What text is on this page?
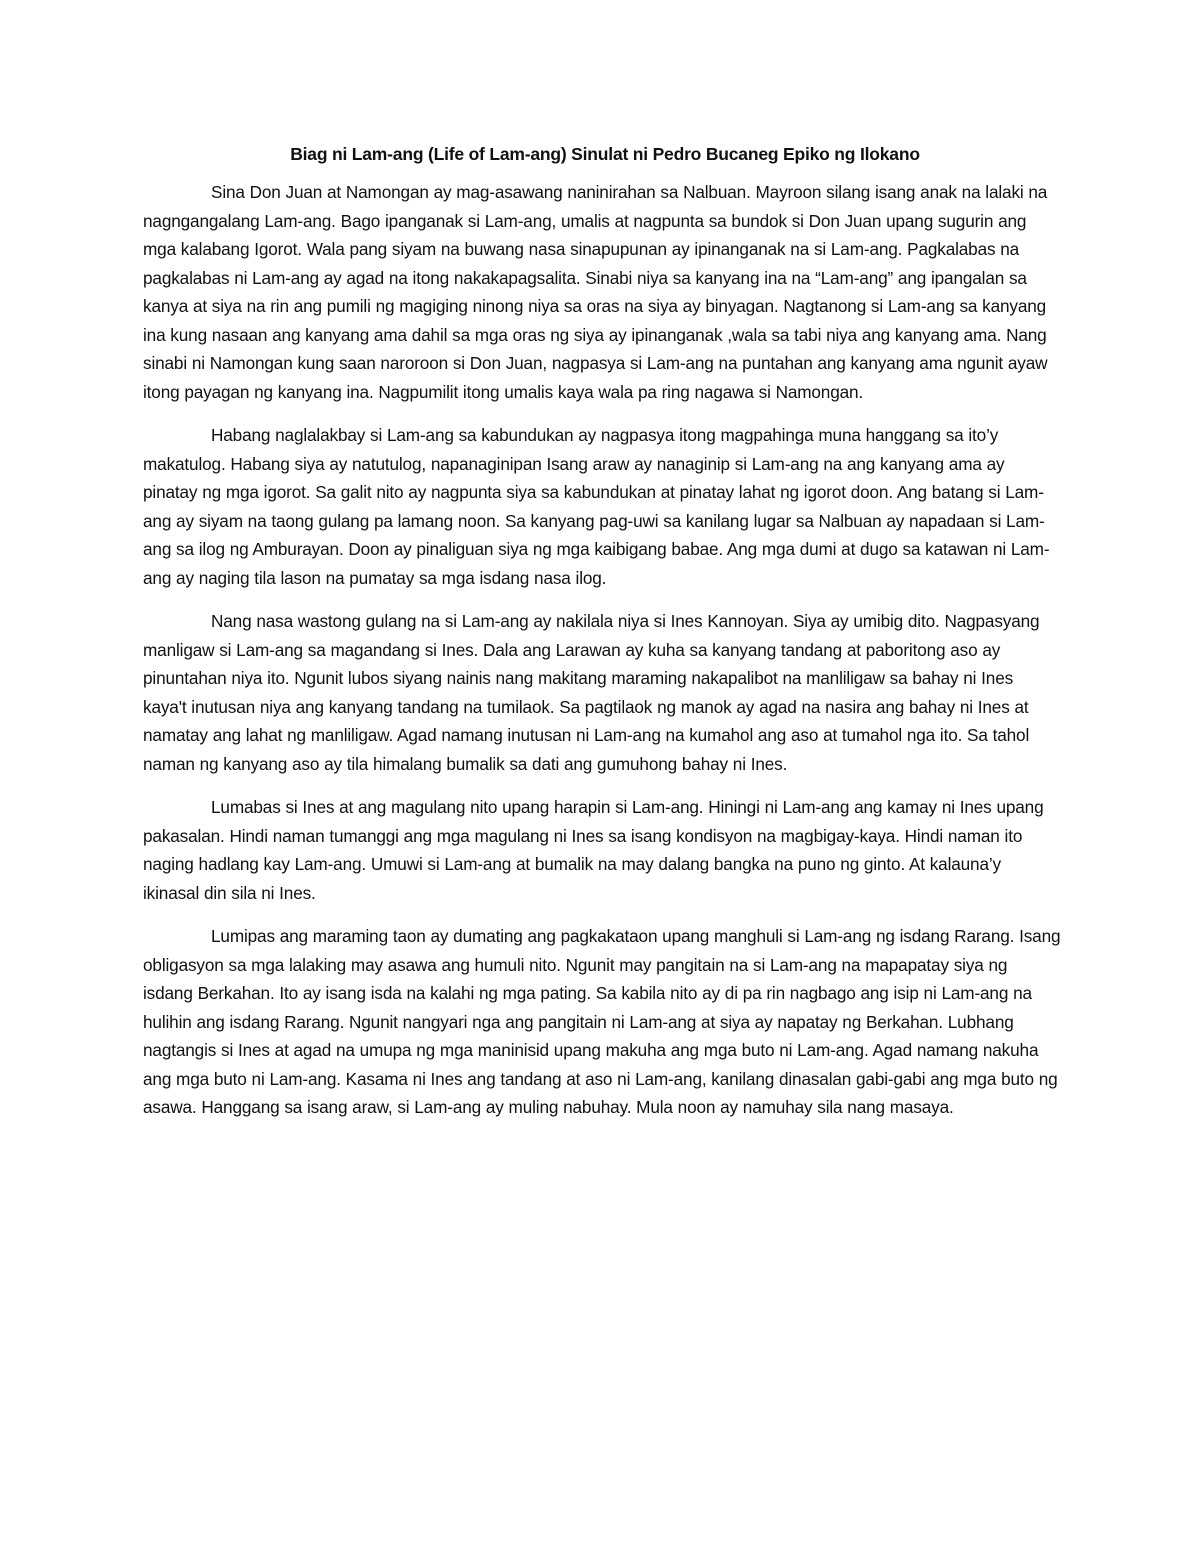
Biag ni Lam-ang (Life of Lam-ang) Sinulat ni Pedro Bucaneg Epiko ng Ilokano

Sina Don Juan at Namongan ay mag-asawang naninirahan sa Nalbuan. Mayroon silang isang anak na lalaki na nagngangalang Lam-ang. Bago ipanganak si Lam-ang, umalis at nagpunta sa bundok si Don Juan upang sugurin ang mga kalabang Igorot. Wala pang siyam na buwang nasa sinapupunan ay ipinanganak na si Lam-ang. Pagkalabas na pagkalabas ni Lam-ang ay agad na itong nakakapagsalita. Sinabi niya sa kanyang ina na “Lam-ang” ang ipangalan sa kanya at siya na rin ang pumili ng magiging ninong niya sa oras na siya ay binyagan. Nagtanong si Lam-ang sa kanyang ina kung nasaan ang kanyang ama dahil sa mga oras ng siya ay ipinanganak ,wala sa tabi niya ang kanyang ama. Nang sinabi ni Namongan kung saan naroroon si Don Juan, nagpasya si Lam-ang na puntahan ang kanyang ama ngunit ayaw itong payagan ng kanyang ina. Nagpumilit itong umalis kaya wala pa ring nagawa si Namongan.

Habang naglalakbay si Lam-ang sa kabundukan ay nagpasya itong magpahinga muna hanggang sa ito’y makatulog. Habang siya ay natutulog, napanaginipan Isang araw ay nanaginip si Lam-ang na ang kanyang ama ay pinatay ng mga igorot. Sa galit nito ay nagpunta siya sa kabundukan at pinatay lahat ng igorot doon. Ang batang si Lam-ang ay siyam na taong gulang pa lamang noon. Sa kanyang pag-uwi sa kanilang lugar sa Nalbuan ay napadaan si Lam-ang sa ilog ng Amburayan. Doon ay pinaliguan siya ng mga kaibigang babae. Ang mga dumi at dugo sa katawan ni Lam-ang ay naging tila lason na pumatay sa mga isdang nasa ilog.

Nang nasa wastong gulang na si Lam-ang ay nakilala niya si Ines Kannoyan. Siya ay umibig dito. Nagpasyang manligaw si Lam-ang sa magandang si Ines. Dala ang Larawan ay kuha sa kanyang tandang at paboritong aso ay pinuntahan niya ito. Ngunit lubos siyang nainis nang makitang maraming nakapalibot na manliligaw sa bahay ni Ines kaya't inutusan niya ang kanyang tandang na tumilaok. Sa pagtilaok ng manok ay agad na nasira ang bahay ni Ines at namatay ang lahat ng manliligaw. Agad namang inutusan ni Lam-ang na kumahol ang aso at tumahol nga ito. Sa tahol naman ng kanyang aso ay tila himalang bumalik sa dati ang gumuhong bahay ni Ines.

Lumabas si Ines at ang magulang nito upang harapin si Lam-ang. Hiningi ni Lam-ang ang kamay ni Ines upang pakasalan. Hindi naman tumanggi ang mga magulang ni Ines sa isang kondisyon na magbigay-kaya. Hindi naman ito naging hadlang kay Lam-ang. Umuwi si Lam-ang at bumalik na may dalang bangka na puno ng ginto. At kalauna’y ikinasal din sila ni Ines.

Lumipas ang maraming taon ay dumating ang pagkakataon upang manghuli si Lam-ang ng isdang Rarang. Isang obligasyon sa mga lalaking may asawa ang humuli nito. Ngunit may pangitain na si Lam-ang na mapapatay siya ng isdang Berkahan. Ito ay isang isda na kalahi ng mga pating. Sa kabila nito ay di pa rin nagbago ang isip ni Lam-ang na hulihin ang isdang Rarang. Ngunit nangyari nga ang pangitain ni Lam-ang at siya ay napatay ng Berkahan. Lubhang nagtangis si Ines at agad na umupa ng mga maninisid upang makuha ang mga buto ni Lam-ang. Agad namang nakuha ang mga buto ni Lam-ang. Kasama ni Ines ang tandang at aso ni Lam-ang, kanilang dinasalan gabi-gabi ang mga buto ng asawa. Hanggang sa isang araw, si Lam-ang ay muling nabuhay. Mula noon ay namuhay sila nang masaya.
